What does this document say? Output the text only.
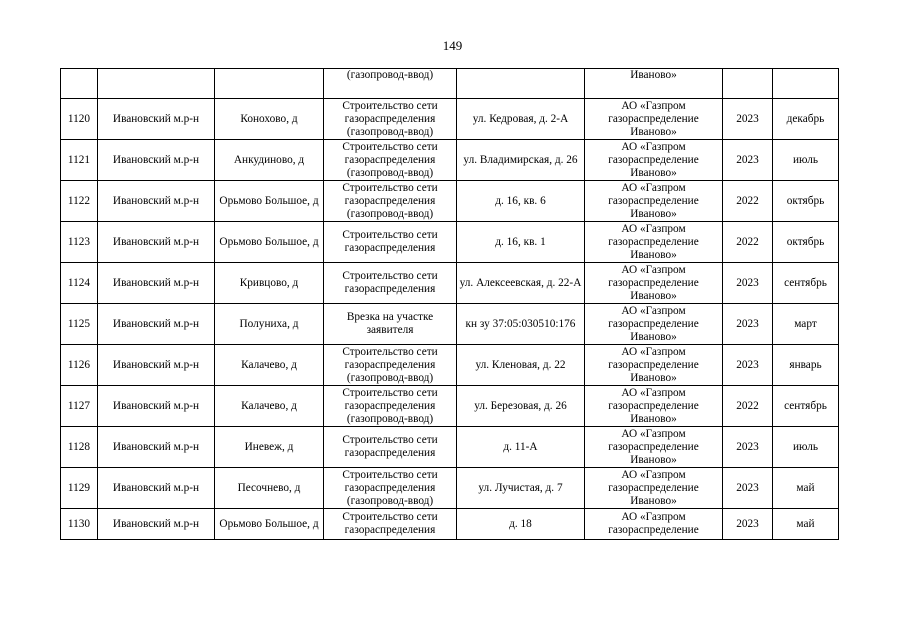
149
			(газопровод-ввод)		Иваново»		
1120	Ивановский м.р-н	Конохово, д	Строительство сети газораспределения (газопровод-ввод)	ул. Кедровая, д. 2-А	АО «Газпром газораспределение Иваново»	2023	декабрь
1121	Ивановский м.р-н	Анкудиново, д	Строительство сети газораспределения (газопровод-ввод)	ул. Владимирская, д. 26	АО «Газпром газораспределение Иваново»	2023	июль
1122	Ивановский м.р-н	Орьмово Большое, д	Строительство сети газораспределения (газопровод-ввод)	д. 16, кв. 6	АО «Газпром газораспределение Иваново»	2022	октябрь
1123	Ивановский м.р-н	Орьмово Большое, д	Строительство сети газораспределения	д. 16, кв. 1	АО «Газпром газораспределение Иваново»	2022	октябрь
1124	Ивановский м.р-н	Кривцово, д	Строительство сети газораспределения	ул. Алексеевская, д. 22-А	АО «Газпром газораспределение Иваново»	2023	сентябрь
1125	Ивановский м.р-н	Полуниха, д	Врезка на участке заявителя	кн зу 37:05:030510:176	АО «Газпром газораспределение Иваново»	2023	март
1126	Ивановский м.р-н	Калачево, д	Строительство сети газораспределения (газопровод-ввод)	ул. Кленовая, д. 22	АО «Газпром газораспределение Иваново»	2023	январь
1127	Ивановский м.р-н	Калачево, д	Строительство сети газораспределения (газопровод-ввод)	ул. Березовая, д. 26	АО «Газпром газораспределение Иваново»	2022	сентябрь
1128	Ивановский м.р-н	Иневеж, д	Строительство сети газораспределения	д. 11-А	АО «Газпром газораспределение Иваново»	2023	июль
1129	Ивановский м.р-н	Песочнево, д	Строительство сети газораспределения (газопровод-ввод)	ул. Лучистая, д. 7	АО «Газпром газораспределение Иваново»	2023	май
1130	Ивановский м.р-н	Орьмово Большое, д	Строительство сети газораспределения	д. 18	АО «Газпром газораспределение	2023	май
